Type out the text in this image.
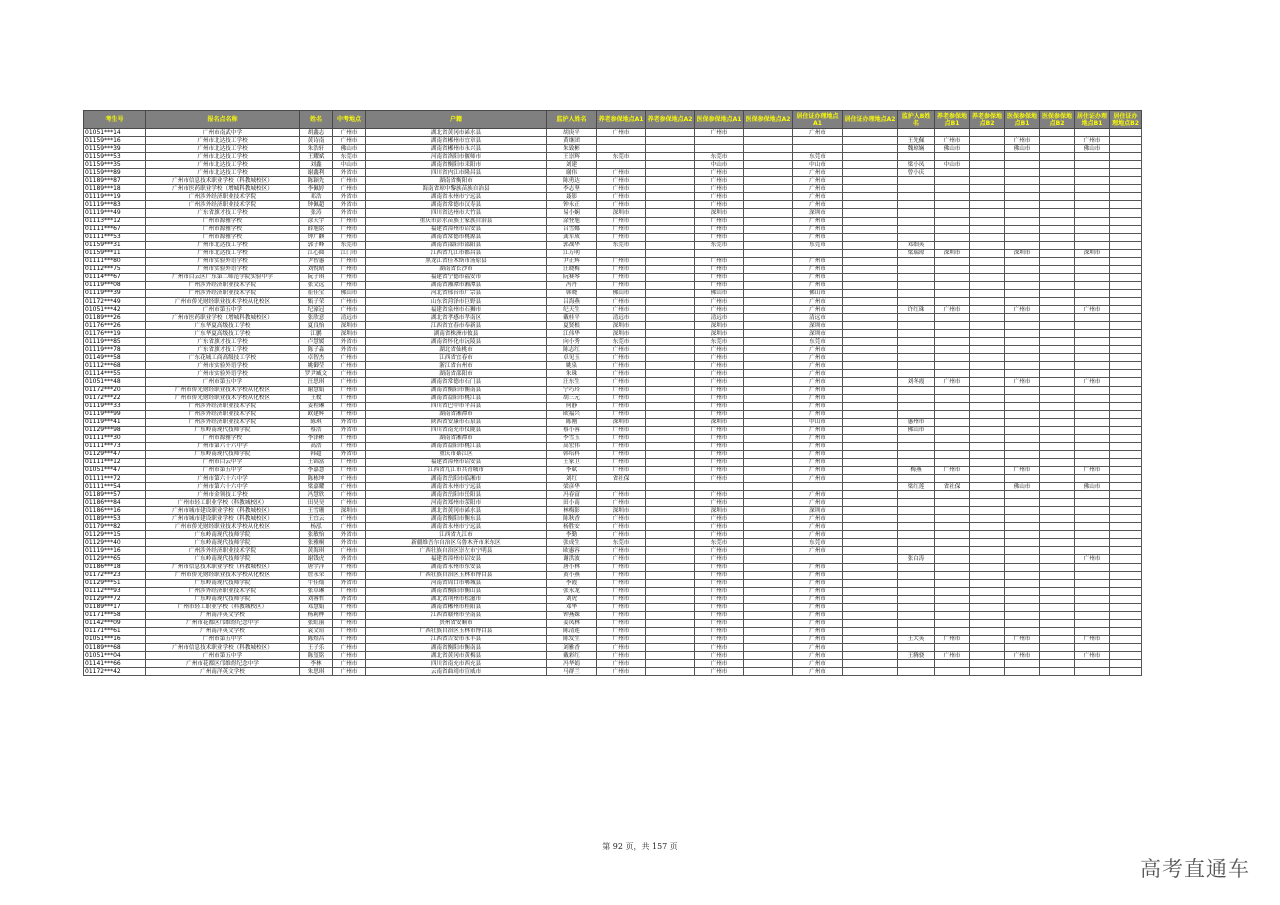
考生号	报名点名称	姓名	中考地点	户籍	监护人姓名	养老参保地点A1	养老参保地点A2	医保参保地点A1	医保参保地点A2	居住证办理地点A1	居住证办理地点A2	监护人B姓名	养老参保地点B1	养老参保地点B2	医保参保地点B1	医保参保地点B2	居住证办理地点B1	居住证办理地点B2
01051***14	广州市南武中学	胡鑫志	广州市	湖北省黄冈市浠水县	胡庚平	广州市		广州市		广州市								
01159***16	广州市北达技工学校	黄诗南	广州市	湖南省郴州市宜章县	黄继团							王先佩	广州市		广州市		广州市	
01159***39	广州市北达技工学校	朱浩轩	佛山市	湖南省郴州市永兴县	朱致彬							魏琼娴	佛山市		佛山市		佛山市	
01159***53	广州市北达技工学校	王耀斌	东莞市	河南省洛阳市偃师市	王崇辉	东莞市		东莞市		东莞市								
01159***35	广州市北达技工学校	刘鑫	中山市	湖南省衡阳市耒阳市	刘建			中山市		中山市		梁小凤	中山市					
01159***89	广州市北达技工学校	谢鑫利	外省市	四川省内江市隆昌县	谢伟	广州市		广州市		广州市		曾小庆						
01189***87	广州市信息技术职业学校（科教城校区）	陈颖先	广州市	湖南省衡阳市	陈勇达	广州市		广州市		广州市								
01189***18	广州市医药职业学校（增城科教城校区）	李佩婷	广州市	海南省琼中黎族苗族自治县	李志坚	广州市		广州市		广州市								
01119***19	广州涉外经济职业技术学院	邓浩	外省市	湖南省永州市宁远县	聂影	广州市		广州市		广州市								
01119***83	广州涉外经济职业技术学院	钟佩超	外省市	湖南省常德市汉寿县	钟永正	广州市		广州市		广州市								
01119***49	广东省旗才技工学校	张涛	外省市	四川省达州市大竹县	易小娴	深圳市		深圳市		深圳市								
01113***12	广州市源雅学校	涂天宇	广州市	重庆市彭水苗族土家族自治县	涂登旭	广州市		广州市		广州市								
01111***67	广州市源雅学校	薛旭铭	广州市	福建省漳州市诏安县	吕雪娜	广州市		广州市		广州市								
01111***53	广州市源雅学校	钟广麒	广州市	湖南省常德市桃源县	龚军成	广州市		广州市		广州市								
01159***31	广州市北达技工学校	郭子峰	东莞市	湖南省邵阳市邵阳县	郭战华	东莞市		东莞市		东莞市		邓细英						
01159***11	广州市北达技工学校	江心圆	江门市	江西省九江市都昌县	江万明							梁瑞琼	深圳市		深圳市		深圳市	
01111***80	广州市实验外语学校	尹智惠	广州市	黑龙江省佳木斯市汤原县	尹正辉	广州市		广州市		广州市								
01112***75	广州市实验外语学校	刘悦晴	广州市	湖南省长沙市	汪晓梅	广州市		广州市		广州市								
01114***67	广州市白云区广东第二师范学院实验中学	阮子琪	广州市	福建省宁德市福安市	阮赛琴	广州市		广州市		广州市								
01119***08	广州涉外经济职业技术学院	张文远	广州市	湖南省湘潭市湘潭县	冯丹	广州市		广州市		广州市								
01119***39	广州涉外经济职业技术学院	崔佳宝	佛山市	河北省邢台市广宗县	韩晓	佛山市		佛山市		佛山市								
01172***49	广州市侨光财经职业技术学校从化校区	甄子荣	广州市	山东省菏泽市巨野县	吕海燕	广州市		广州市		广州市								
01051***42	广州市第五中学	纪濠冠	广州市	福建省泉州市石狮市	纪天生	广州市		广州市		广州市		许红珠	广州市		广州市		广州市	
01189***26	广州市医药职业学校（增城科教城校区）	张欣意	清远市	湖北省孝感市孝南区	戴桂平	清远市		清远市		清远市								
01176***26	广东华夏高级技工学校	夏良怡	深圳市	江西省宜春市奉新县	夏贤根	深圳市		深圳市		深圳市								
01176***19	广东华夏高级技工学校	江鹏	深圳市	湖南省株洲市攸县	江伟华	深圳市		深圳市		深圳市								
01119***85	广东省旗才技工学校	卢慧媛	外省市	湖南省怀化市沅陵县	向小秀	东莞市		东莞市		东莞市								
01119***78	广东省旗才技工学校	陈子淼	外省市	湖北省仙桃市	陈志红	广州市		广州市		广州市								
01149***58	广东花城工商高级技工学校	卓智杰	广州市	江西省宜春市	卓见玉	广州市		广州市		广州市								
01112***68	广州市实验外语学校	姚御莹	广州市	浙江省台州市	姚泉	广州市		广州市		广州市								
01114***55	广州市实验外语学校	罗尹臧文	广州市	湖南省邵阳市	朱珠	广州市		广州市		广州市								
01051***48	广州市第五中学	汪思琪	广州市	湖南省常德市石门县	汪东生	广州市		广州市		广州市		刘冬霞	广州市		广州市		广州市	
01172***20	广州市侨光财经职业技术学校从化校区	谢慧娟	广州市	湖南省衡阳市衡南县	宁巧玲	广州市		广州市		广州市								
01172***22	广州市侨光财经职业技术学校从化校区	王攸	广州市	湖南省益阳市桃江县	胡三元	广州市		广州市		广州市								
01119***33	广州涉外经济职业技术学院	姜程琳	广州市	四川省巴中市平昌县	何静	广州市		广州市		广州市								
01119***99	广州涉外经济职业技术学院	欧建辉	广州市	湖南省湘潭市	欧福兴	广州市		广州市		广州市								
01119***41	广州涉外经济职业技术学院	陈琪	外省市	陕西省安康市石泉县	陈刚	深圳市		深圳市		中山市		惠州市						
01129***98	广东岭南现代技师学院	蔡浩	外省市	四川省南充市仪陇县	蔡小蓉	广州市		广州市		广州市		佛山市						
01111***30	广州市源雅学校	李泽彬	广州市	湖南省湘潭市	李雪玉	广州市		广州市		广州市								
01111***73	广州市第六十六中学	高浩	广州市	湖南省益阳市桃江县	高宏伟	广州市		广州市		广州市								
01129***47	广东岭南现代技师学院	韩超	外省市	重庆市綦江区	韩培科	广州市		广州市		广州市								
01111***12	广州市白云中学	王锦富	广州市	福建省漳州市诏安县	王家卫	广州市		广州市		广州市								
01051***47	广州市第五中学	李嘉慧	广州市	江西省九江市共青城市	李斌	广州市		广州市		广州市		梅燕	广州市		广州市		广州市	
01111***72	广州市第六十六中学	陈栋坤	广州市	湖南省岳阳市临湘市	刘红	省社保		广州市		广州市								
01111***54	广州市第六十六中学	梁嘉耀	广州市	湖南省永州市宁远县	梁彦华							梁红莲	省社保		佛山市		佛山市	
01189***57	广州市金领技工学校	冯慧欣	广州市	湖南省岳阳市岳阳县	冯春富	广州市		广州市		广州市								
01186***84	广州市轻工职业学校（科教城校区）	田昊昊	广州市	河南省郑州市荥阳市	田小南	广州市		广州市		广州市								
01186***16	广州市城市建设职业学校（科教城校区）	王雪珊	深圳市	湖北省黄冈市浠水县	林梅影	深圳市		深圳市		深圳市								
01189***53	广州市城市建设职业学校（科教城校区）	王宜云	广州市	湖南省衡阳市衡东县	陈秋香	广州市		广州市		广州市								
01179***82	广州市侨光财经职业技术学校从化校区	杨泓	广州市	湖南省永州市宁远县	杨胜安	广州市		广州市		广州市								
01129***15	广东岭南现代技师学院	张敏怡	外省市	江西省九江市	李勤	广州市		广州市		广州市								
01129***40	广东岭南现代技师学院	张雅桐	外省市	新疆维吾尔自治区乌鲁木齐市米东区	张成生	东莞市		东莞市		东莞市								
01119***16	广州涉外经济职业技术学院	黄海琪	广州市	广西壮族自治区崇左市宁明县	欧惠容	广州市		广州市		广州市								
01129***65	广东岭南现代技师学院	谢钱虎	外省市	福建省漳州市诏安县	谢洪波	广州市		广州市				张白涛					广州市	
01186***18	广州市信息技术职业学校（科教城校区）	唐宇洋	广州市	湖南省永州市东安县	唐小林	广州市		广州市		广州市								
01172***23	广州市侨光财经职业技术学校从化校区	詹永荣	广州市	广西壮族自治区玉林市博白县	黄小燕	广州市		广州市		广州市								
01129***51	广东岭南现代技师学院	牛佳灿	外省市	河南省周口市郸城县	李霞	广州市		广州市		广州市								
01112***93	广州涉外经济职业技术学院	张卓琳	广州市	湖南省衡阳市衡山县	张永龙	广州市		广州市		广州市								
01129***72	广东岭南现代技师学院	刘睿哲	外省市	湖北省荆州市松滋市	刘虎	广州市		广州市		广州市								
01189***17	广州市轻工职业学校（科教城校区）	邓慧娟	广州市	湖南省郴州市桂阳县	邓华	广州市		广州市		广州市								
01171***58	广州南洋英文学校	杨莉桦	广州市	江西省赣州市全南县	钟燕妹	广州市		广州市		广州市								
01142***09	广州市花都区邝维煜纪念中学	张虹丽	广州市	贵州省安顺市	姜凤林	广州市		广州市		广州市								
01171***61	广州南洋英文学校	袁文瑄	广州市	广西壮族自治区玉林市博白县	陈清莲	广州市		广州市		广州市								
01051***16	广州市第五中学	陈煜昌	广州市	江西省吉安市永丰县	陈发生	广州市		广州市		广州市		王大英	广州市		广州市		广州市	
01189***68	广州市信息技术职业学校（科教城校区）	王子乐	广州市	湖南省衡阳市衡南县	刘雅香	广州市		广州市		广州市								
01051***04	广州市第五中学	陈玺铭	广州市	湖北省黄冈市黄梅县	戴彩红	广州市		广州市		广州市		王腾骁	广州市		广州市		广州市	
01141***66	广州市花都区邝维煜纪念中学	李林	广州市	四川省南充市西充县	冯华娟	广州市		广州市		广州市								
01172***42	广州南洋英文学校	朱思琪	广州市	云南省曲靖市宣威市	马群兰	广州市		广州市		广州市								
第 92 页，共 157 页
高考直通车
